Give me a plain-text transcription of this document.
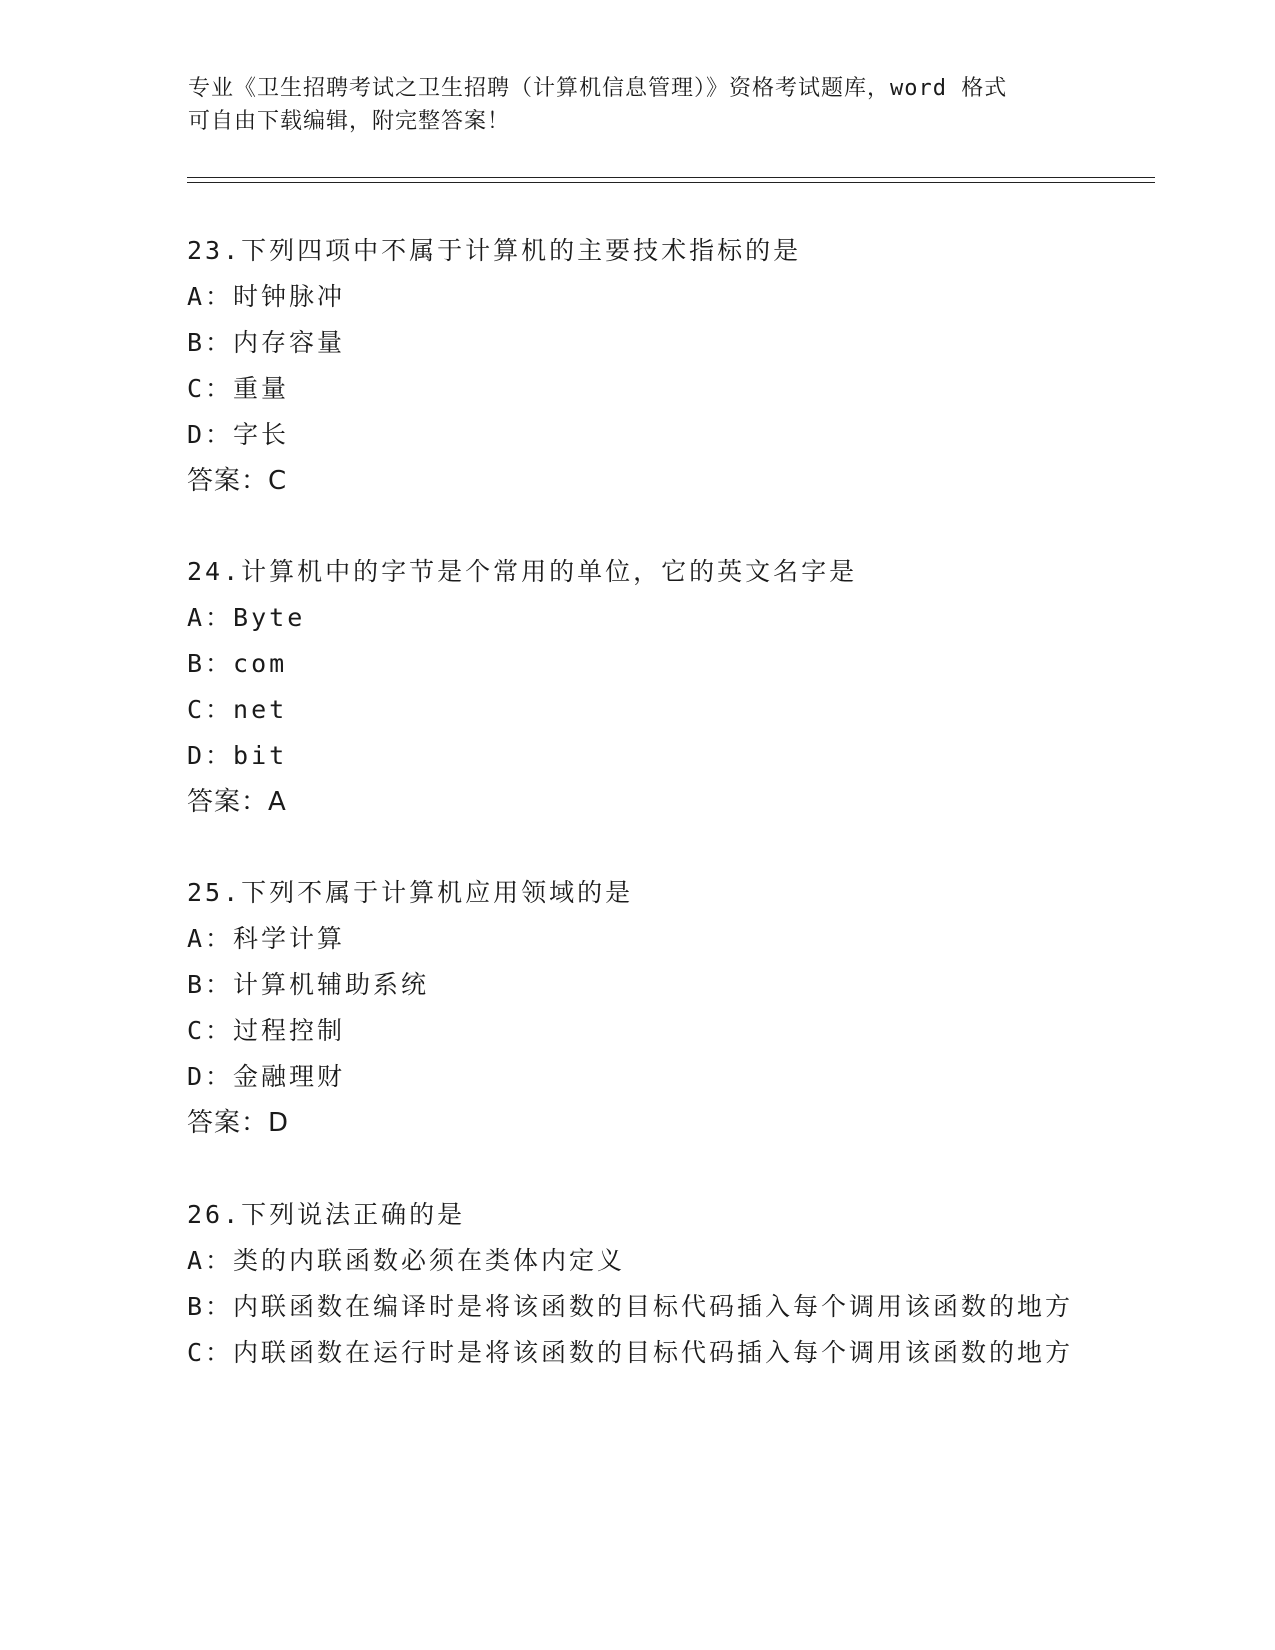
专业《卫生招聘考试之卫生招聘（计算机信息管理）》资格考试题库，word 格式
可自由下载编辑，附完整答案！
23.下列四项中不属于计算机的主要技术指标的是
A：时钟脉冲
B：内存容量
C：重量
D：字长
答案：C
24.计算机中的字节是个常用的单位，它的英文名字是
A：Byte
B：com
C：net
D：bit
答案：A
25.下列不属于计算机应用领域的是
A：科学计算
B：计算机辅助系统
C：过程控制
D：金融理财
答案：D
26.下列说法正确的是
A：类的内联函数必须在类体内定义
B：内联函数在编译时是将该函数的目标代码插入每个调用该函数的地方
C：内联函数在运行时是将该函数的目标代码插入每个调用该函数的地方
